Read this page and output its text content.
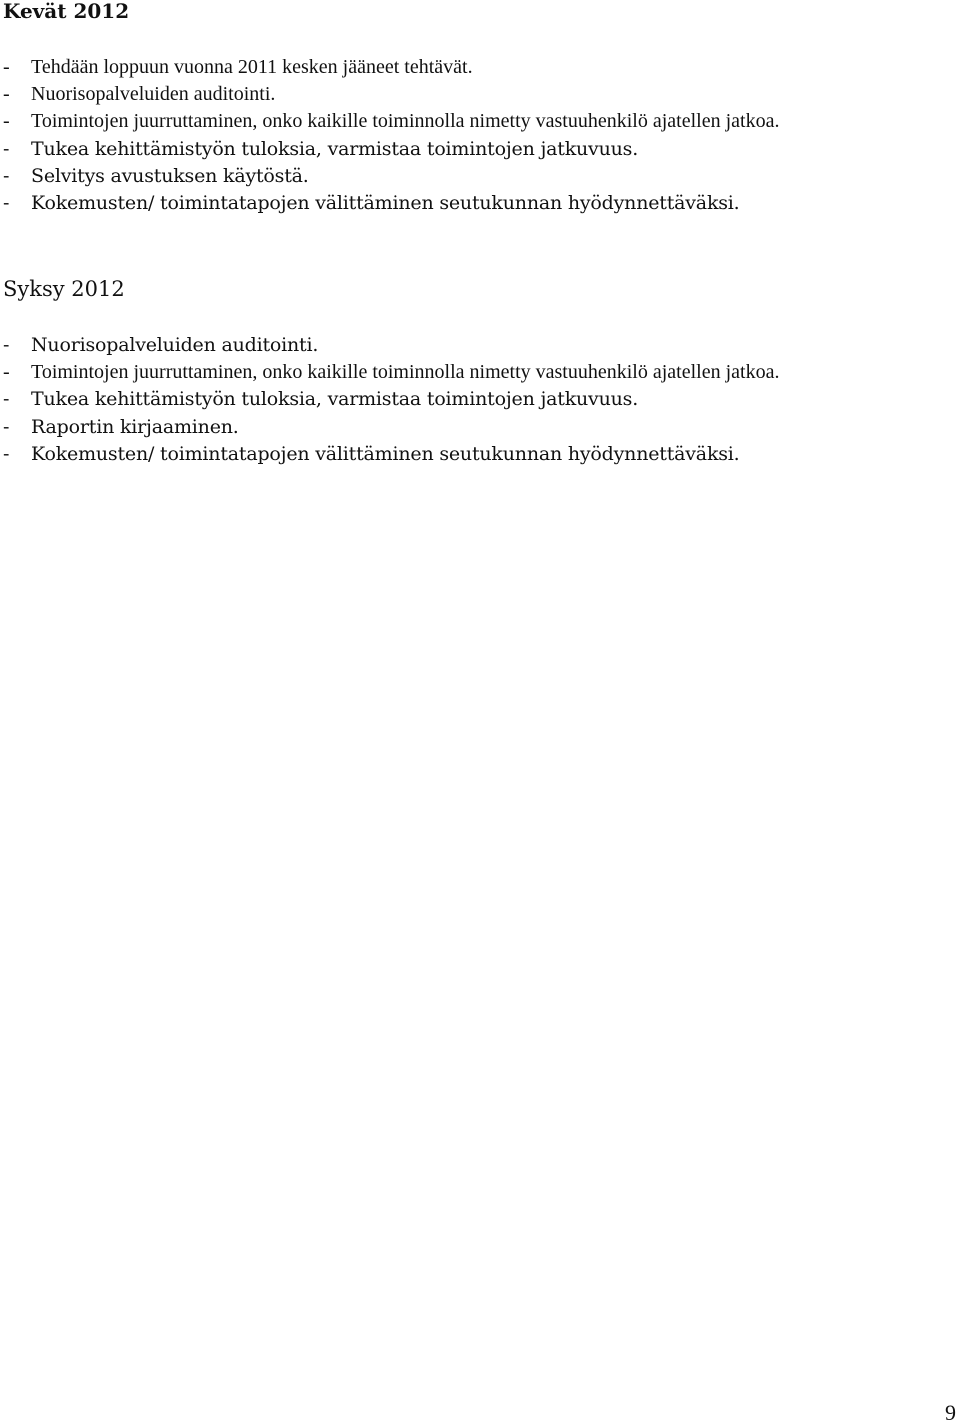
Kevät 2012
- Tehdään loppuun vuonna 2011 kesken jääneet tehtävät.
- Nuorisopalveluiden auditointi.
- Toimintojen juurruttaminen, onko kaikille toiminnolla nimetty vastuuhenkilö ajatellen jatkoa.
- Tukea kehittämistyön tuloksia, varmistaa toimintojen jatkuvuus.
- Selvitys avustuksen käytöstä.
- Kokemusten/ toimintatapojen välittäminen seutukunnan hyödynnettäväksi.
Syksy 2012
- Nuorisopalveluiden auditointi.
- Toimintojen juurruttaminen, onko kaikille toiminnolla nimetty vastuuhenkilö ajatellen jatkoa.
- Tukea kehittämistyön tuloksia, varmistaa toimintojen jatkuvuus.
- Raportin kirjaaminen.
- Kokemusten/ toimintatapojen välittäminen seutukunnan hyödynnettäväksi.
9
